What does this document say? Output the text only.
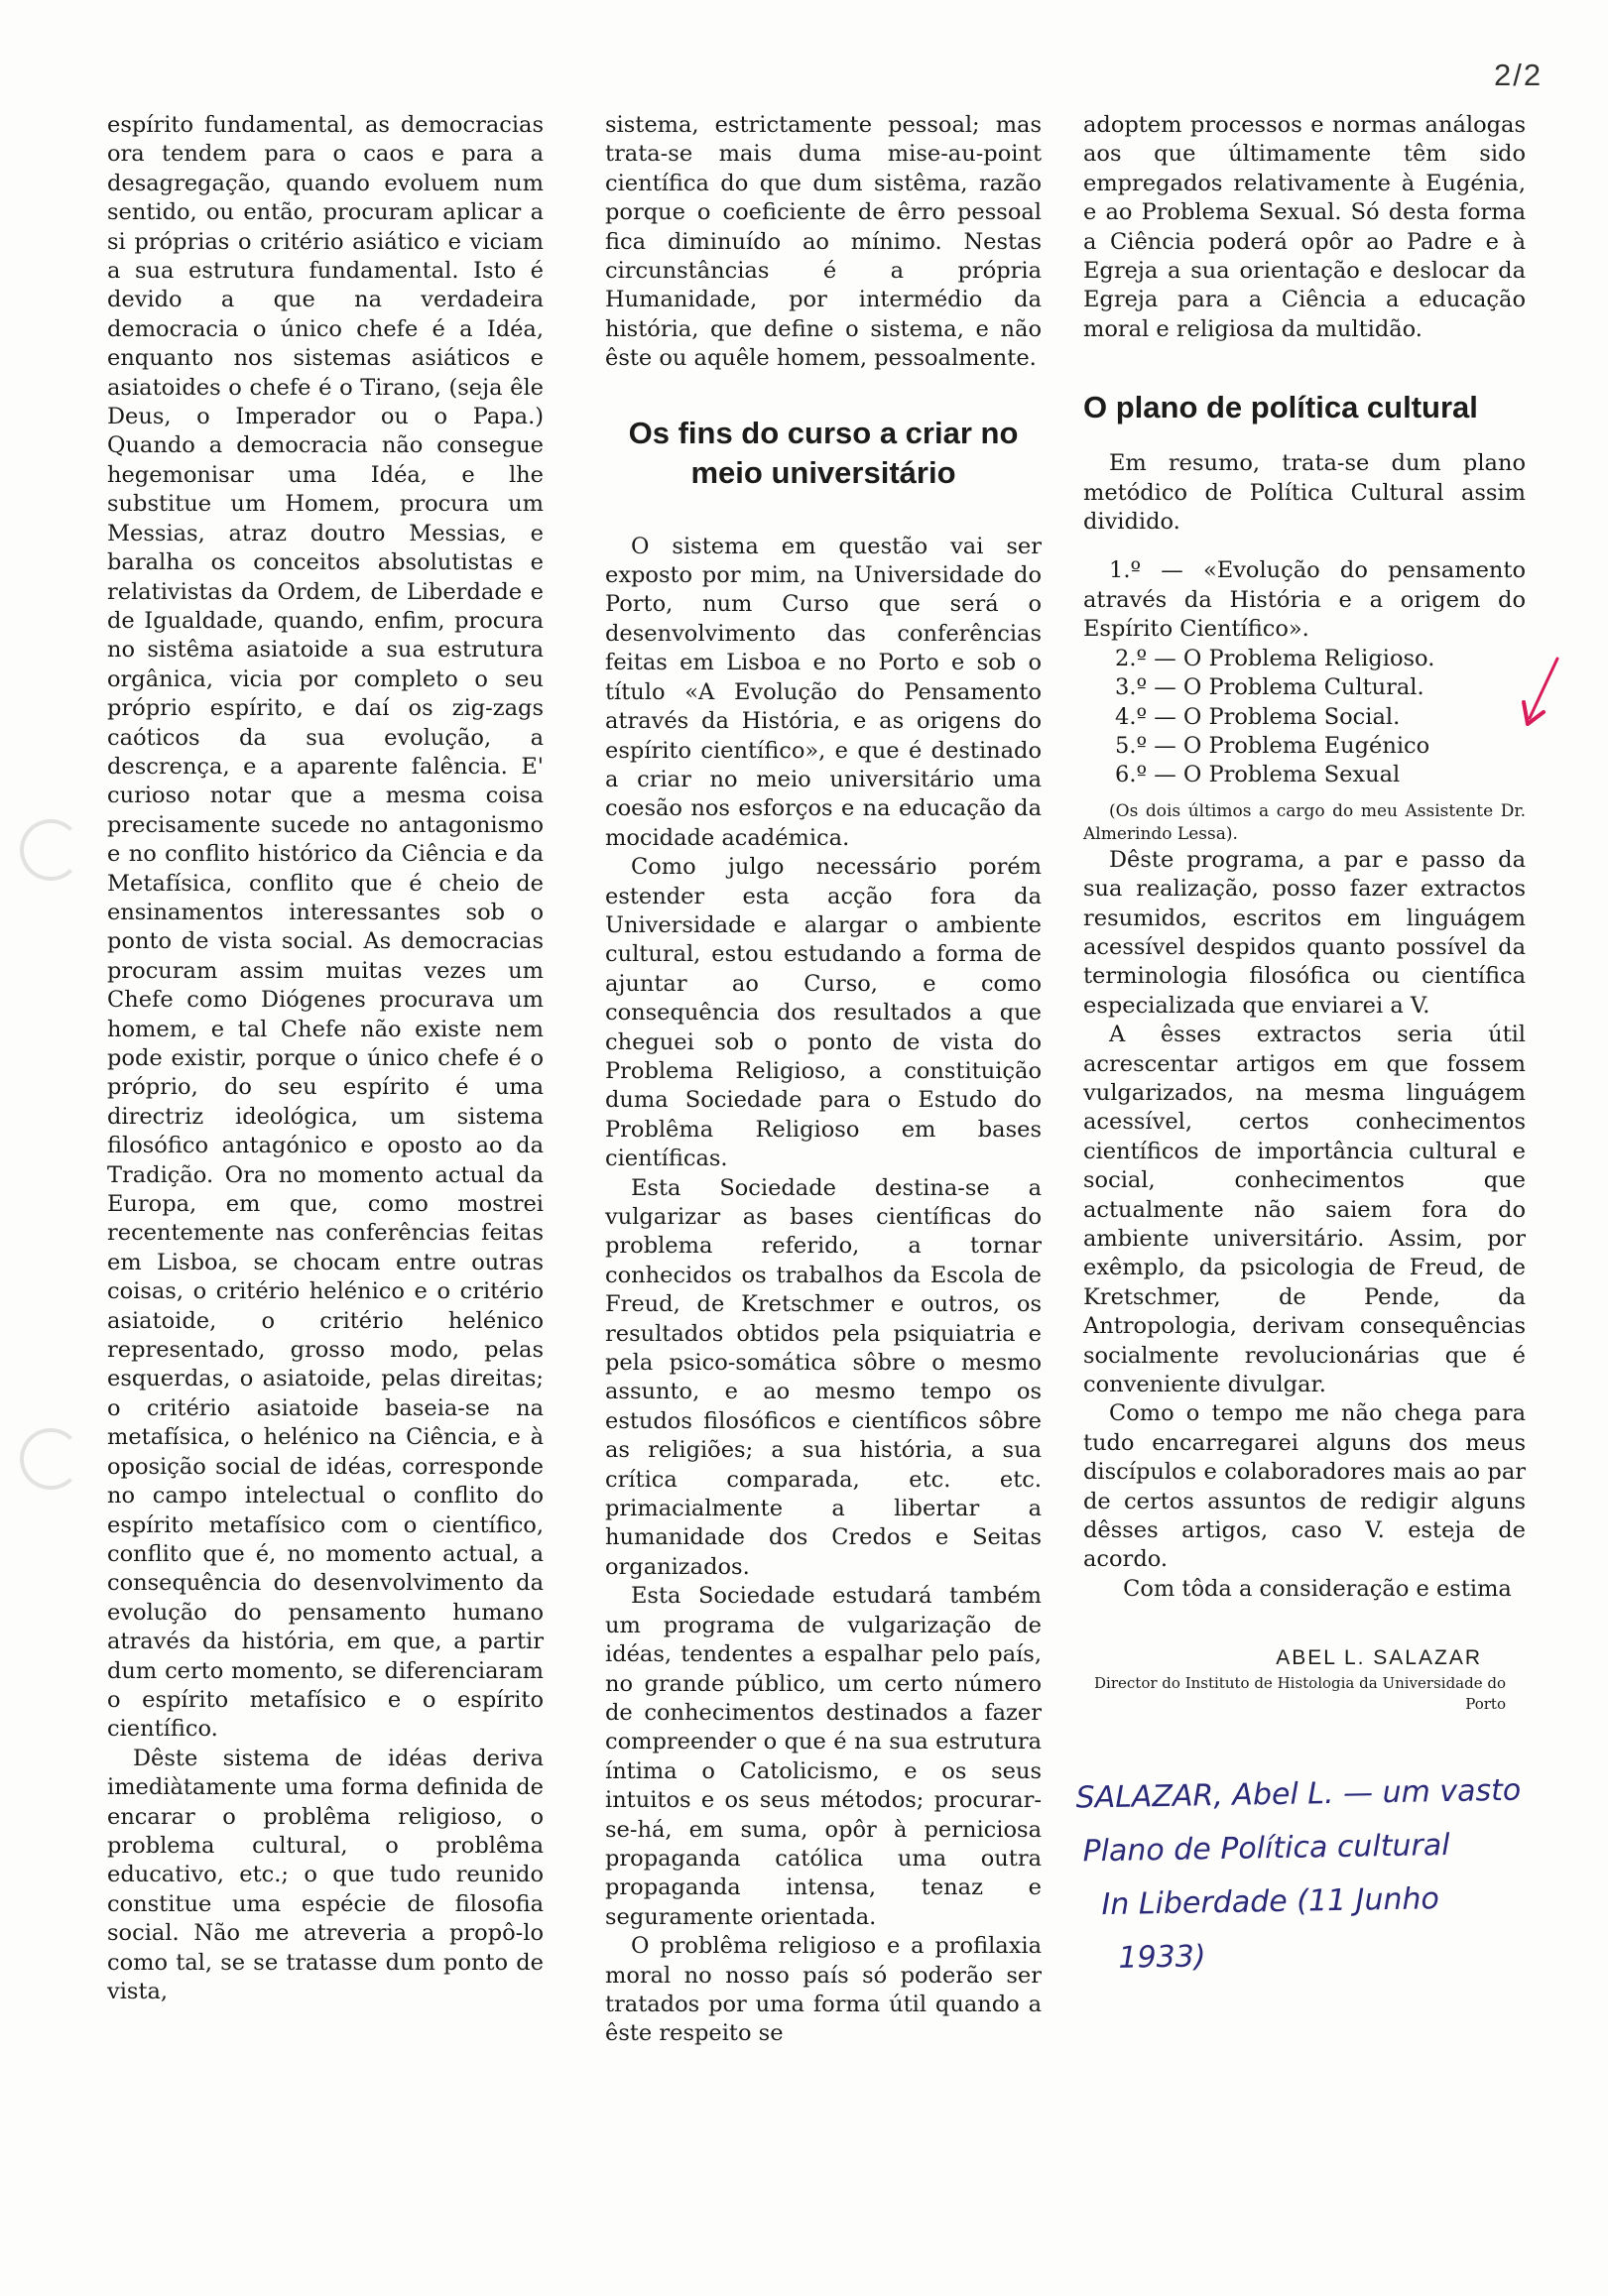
2/2

espírito fundamental, as democracias ora tendem para o caos e para a desagregação, quando evoluem num sentido, ou então, procuram aplicar a si próprias o critério asiático e viciam a sua estrutura fundamental. Isto é devido a que na verdadeira democracia o único chefe é a Idéa, enquanto nos sistemas asiáticos e asiatoides o chefe é o Tirano, (seja êle Deus, o Imperador ou o Papa.) Quando a democracia não consegue hegemonisar uma Idéa, e lhe substitue um Homem, procura um Messias, atraz doutro Messias, e baralha os conceitos absolutistas e relativistas da Ordem, de Liberdade e de Igualdade, quando, enfim, procura no sistêma asiatoide a sua estrutura orgânica, vicia por completo o seu próprio espírito, e daí os zig-zags caóticos da sua evolução, a descrença, e a aparente falência. E' curioso notar que a mesma coisa precisamente sucede no antagonismo e no conflito histórico da Ciência e da Metafísica, conflito que é cheio de ensinamentos interessantes sob o ponto de vista social. As democracias procuram assim muitas vezes um Chefe como Diógenes procurava um homem, e tal Chefe não existe nem pode existir, porque o único chefe é o próprio, do seu espírito é uma directriz ideológica, um sistema filosófico antagónico e oposto ao da Tradição. Ora no momento actual da Europa, em que, como mostrei recentemente nas conferências feitas em Lisboa, se chocam entre outras coisas, o critério helénico e o critério asiatoide, o critério helénico representado, grosso modo, pelas esquerdas, o asiatoide, pelas direitas; o critério asiatoide baseia-se na metafísica, o helénico na Ciência, e à oposição social de idéas, corresponde no campo intelectual o conflito do espírito metafísico com o científico, conflito que é, no momento actual, a consequência do desenvolvimento da evolução do pensamento humano através da história, em que, a partir dum certo momento, se diferenciaram o espírito metafísico e o espírito científico.

Dêste sistema de idéas deriva imediàtamente uma forma definida de encarar o problêma religioso, o problema cultural, o problêma educativo, etc.; o que tudo reunido constitue uma espécie de filosofia social. Não me atreveria a propô-lo como tal, se se tratasse dum ponto de vista,

sistema, estrictamente pessoal; mas trata-se mais duma mise-au-point científica do que dum sistêma, razão porque o coeficiente de êrro pessoal fica diminuído ao mínimo. Nestas circunstâncias é a própria Humanidade, por intermédio da história, que define o sistema, e não êste ou aquêle homem, pessoalmente.

Os fins do curso a criar no meio universitário

O sistema em questão vai ser exposto por mim, na Universidade do Porto, num Curso que será o desenvolvimento das conferências feitas em Lisboa e no Porto e sob o título «A Evolução do Pensamento através da História, e as origens do espírito científico», e que é destinado a criar no meio universitário uma coesão nos esforços e na educação da mocidade académica.

Como julgo necessário porém estender esta acção fora da Universidade e alargar o ambiente cultural, estou estudando a forma de ajuntar ao Curso, e como consequência dos resultados a que cheguei sob o ponto de vista do Problema Religioso, a constituição duma Sociedade para o Estudo do Problêma Religioso em bases científicas.

Esta Sociedade destina-se a vulgarizar as bases científicas do problema referido, a tornar conhecidos os trabalhos da Escola de Freud, de Kretschmer e outros, os resultados obtidos pela psiquiatria e pela psico-somática sôbre o mesmo assunto, e ao mesmo tempo os estudos filosóficos e científicos sôbre as religiões; a sua história, a sua crítica comparada, etc. etc. primacialmente a libertar a humanidade dos Credos e Seitas organizados.

Esta Sociedade estudará também um programa de vulgarização de idéas, tendentes a espalhar pelo país, no grande público, um certo número de conhecimentos destinados a fazer compreender o que é na sua estrutura íntima o Catolicismo, e os seus intuitos e os seus métodos; procurar-se-há, em suma, opôr à perniciosa propaganda católica uma outra propaganda intensa, tenaz e seguramente orientada.

O problêma religioso e a profilaxia moral no nosso país só poderão ser tratados por uma forma útil quando a êste respeito se

adoptem processos e normas análogas aos que últimamente têm sido empregados relativamente à Eugénia, e ao Problema Sexual. Só desta forma a Ciência poderá opôr ao Padre e à Egreja a sua orientação e deslocar da Egreja para a Ciência a educação moral e religiosa da multidão.

O plano de política cultural

Em resumo, trata-se dum plano metódico de Política Cultural assim dividido.

1.º — «Evolução do pensamento através da História e a origem do Espírito Científico».
2.º — O Problema Religioso.
3.º — O Problema Cultural.
4.º — O Problema Social.
5.º — O Problema Eugénico
6.º — O Problema Sexual

(Os dois últimos a cargo do meu Assistente Dr. Almerindo Lessa).

Dêste programa, a par e passo da sua realização, posso fazer extractos resumidos, escritos em linguágem acessível despidos quanto possível da terminologia filosófica ou científica especializada que enviarei a V.

A êsses extractos seria útil acrescentar artigos em que fossem vulgarizados, na mesma linguágem acessível, certos conhecimentos científicos de importância cultural e social, conhecimentos que actualmente não saiem fora do ambiente universitário. Assim, por exêmplo, da psicologia de Freud, de Kretschmer, de Pende, da Antropologia, derivam consequências socialmente revolucionárias que é conveniente divulgar.

Como o tempo me não chega para tudo encarregarei alguns dos meus discípulos e colaboradores mais ao par de certos assuntos de redigir alguns dêsses artigos, caso V. esteja de acordo.

Com tôda a consideração e estima

ABEL L. SALAZAR
Director do Instituto de Histologia da Universidade do Porto
SALAZAR, Abel L. — um vasto
Plano de Política cultural
In Liberdade (11 Junho
1933)
